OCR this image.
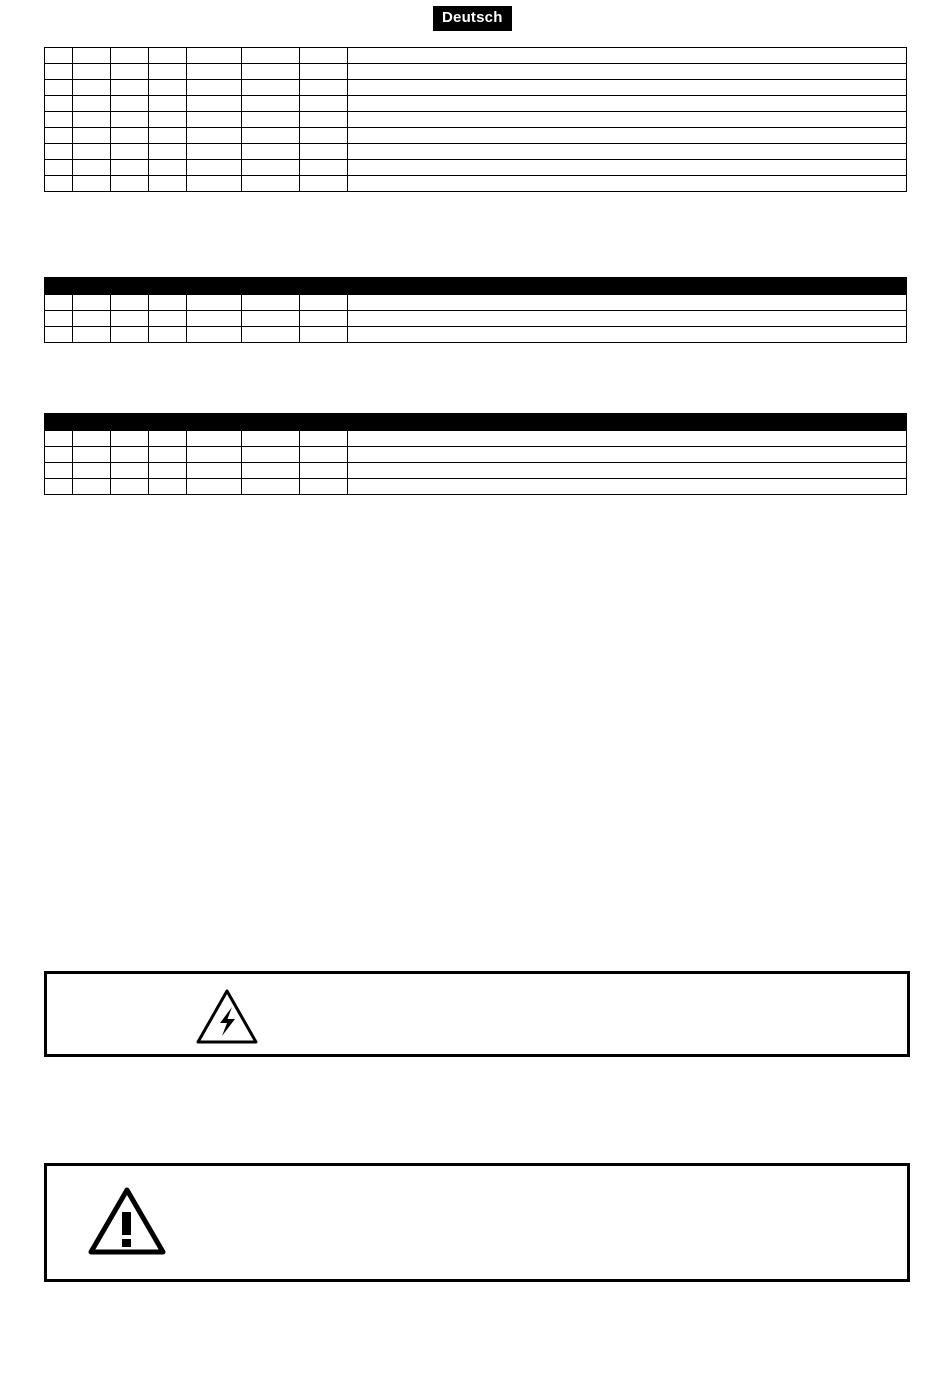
Deutsch
